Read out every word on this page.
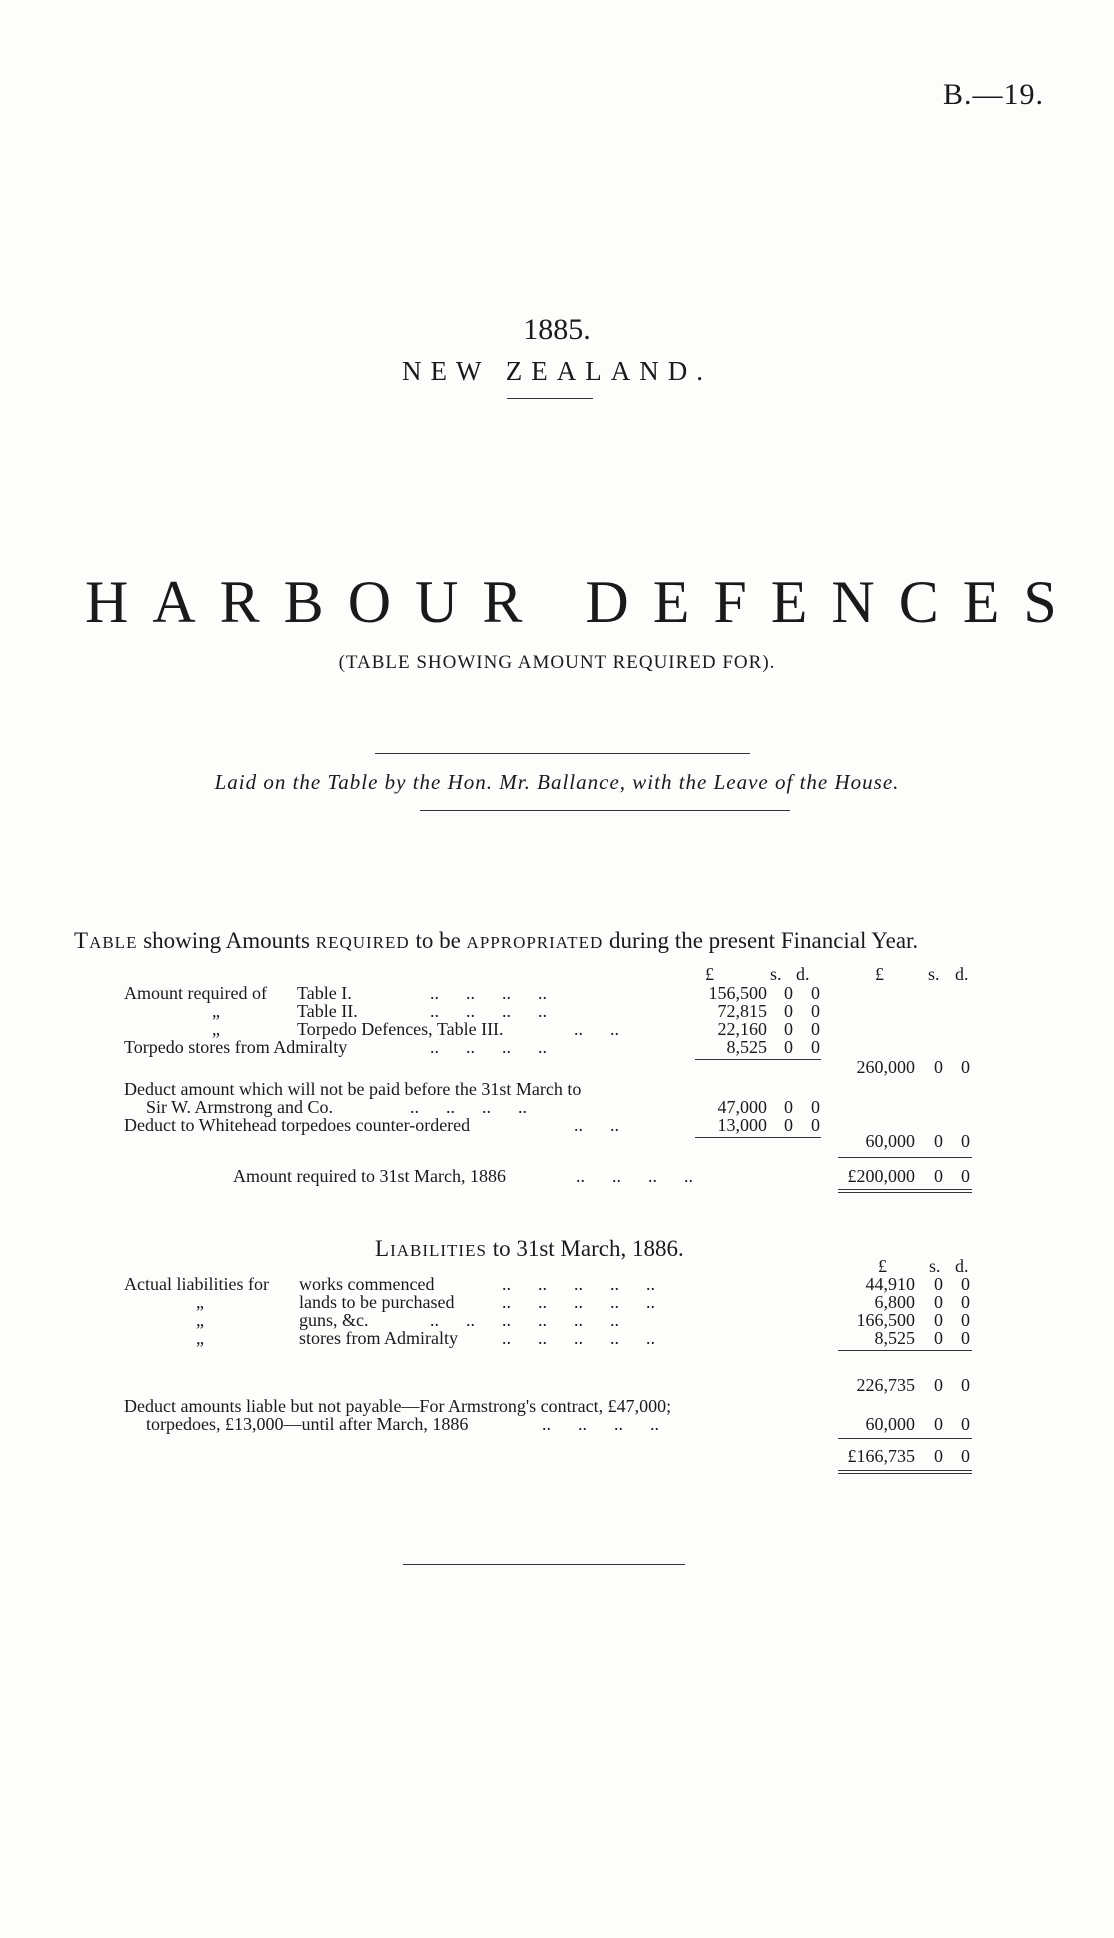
B.—19.
1885.
NEW ZEALAND.
HARBOUR DEFENCES
(TABLE SHOWING AMOUNT REQUIRED FOR).
Laid on the Table by the Hon. Mr. Ballance, with the Leave of the House.
TABLE showing Amounts REQUIRED to be APPROPRIATED during the present Financial Year.
£	s. d.	£ s. d.
Amount required of Table I.	..      ..      ..      ..	156,500 0 0
„	Table II.	..      ..      ..      ..	72,815 0 0
„	Torpedo Defences, Table III.	..      ..	22,160 0 0
Torpedo stores from Admiralty	..      ..      ..      ..	8,525 0 0
260,000 0 0
Deduct amount which will not be paid before the 31st March to
Sir W. Armstrong and Co.	..      ..      ..      ..	47,000 0 0
Deduct to Whitehead torpedoes counter-ordered	..      ..	13,000 0 0
60,000 0 0
Amount required to 31st March, 1886	..      ..      ..      ..	£200,000 0 0
LIABILITIES to 31st March, 1886.
£ s. d.
Actual liabilities for works commenced	..      ..      ..      ..      ..	44,910 0 0
„	lands to be purchased	..      ..      ..      ..      ..	6,800 0 0
„	guns, &c.	..      ..      ..      ..      ..      ..	166,500 0 0
„	stores from Admiralty ..      ..      ..      ..      ..	8,525 0 0
226,735 0 0
Deduct amounts liable but not payable—For Armstrong's contract, £47,000;
torpedoes, £13,000—until after March, 1886	..      ..      ..      ..	60,000 0 0
£166,735 0 0
